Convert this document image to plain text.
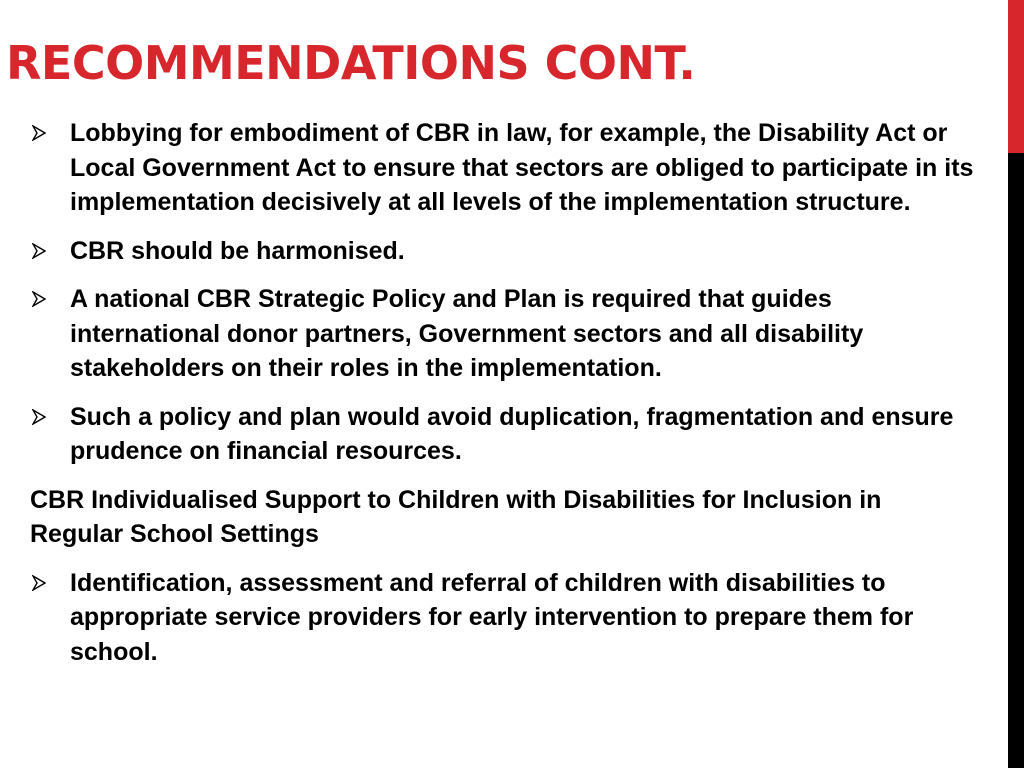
RECOMMENDATIONS CONT.
Lobbying for embodiment of CBR in law, for example, the Disability Act or Local Government Act to ensure that sectors are obliged to participate in its implementation decisively at all levels of the implementation structure.
CBR should be harmonised.
A national CBR Strategic Policy and Plan is required that guides international donor partners, Government sectors and all disability stakeholders on their roles in the implementation.
Such a policy and plan would avoid duplication, fragmentation and ensure prudence on financial resources.
CBR Individualised Support to Children with Disabilities for Inclusion in Regular School Settings
Identification, assessment and referral of children with disabilities to appropriate service providers for early intervention to prepare them for school.
